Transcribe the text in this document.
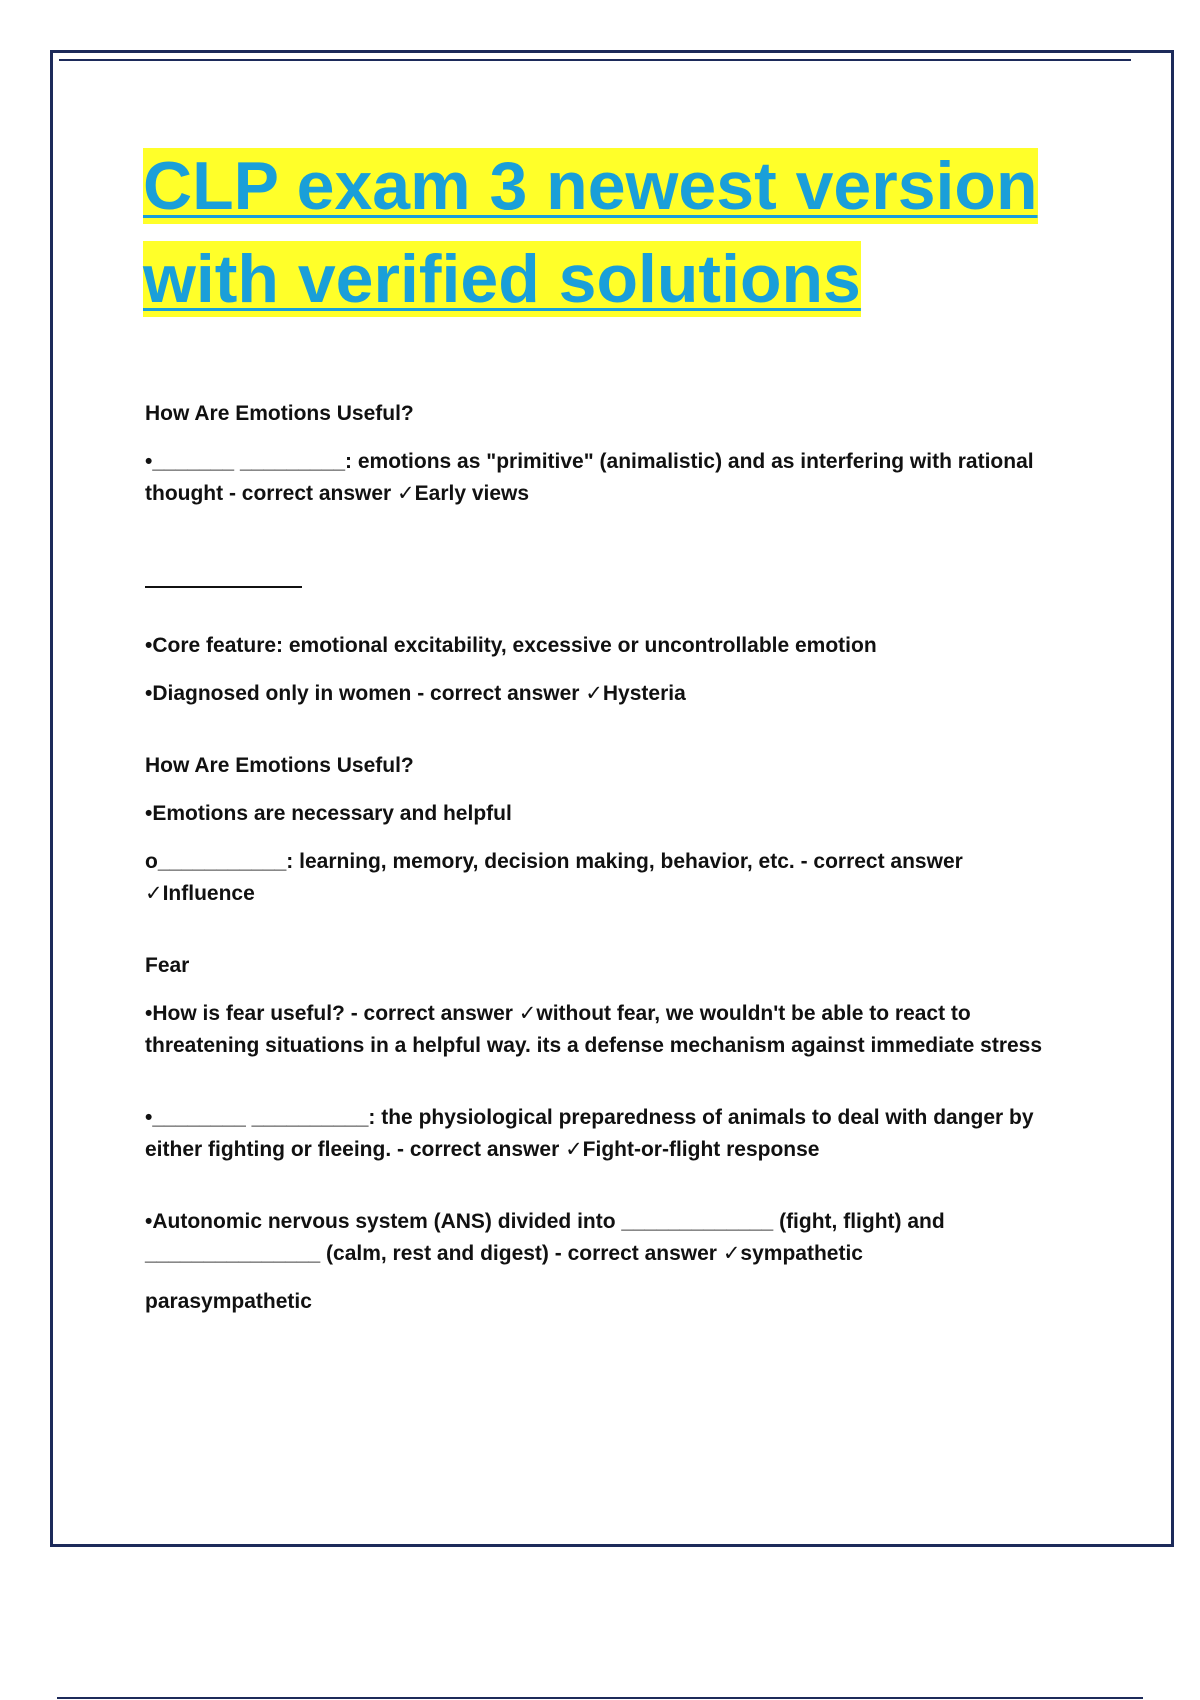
CLP exam 3 newest version
with verified solutions

How Are Emotions Useful?

•_______ _________: emotions as "primitive" (animalistic) and as interfering with rational thought - correct answer ✓Early views

•Core feature: emotional excitability, excessive or uncontrollable emotion

•Diagnosed only in women - correct answer ✓Hysteria

How Are Emotions Useful?

•Emotions are necessary and helpful

o___________: learning, memory, decision making, behavior, etc. - correct answer ✓Influence

Fear

•How is fear useful? - correct answer ✓without fear, we wouldn't be able to react to threatening situations in a helpful way. its a defense mechanism against immediate stress

•________ __________: the physiological preparedness of animals to deal with danger by either fighting or fleeing. - correct answer ✓Fight-or-flight response

•Autonomic nervous system (ANS) divided into _____________ (fight, flight) and _______________ (calm, rest and digest) - correct answer ✓sympathetic

parasympathetic
